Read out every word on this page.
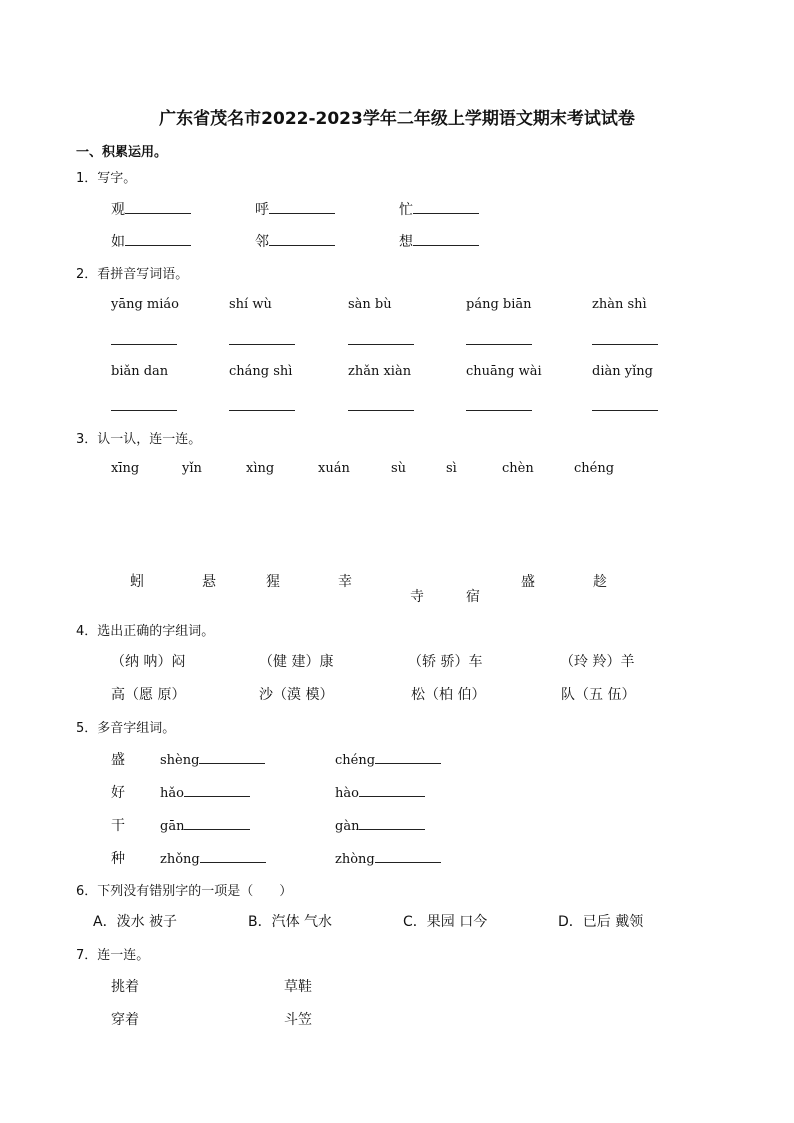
广东省茂名市2022-2023学年二年级上学期语文期末考试试卷
一、积累运用。
1．写字。
观	呼	忙
如	邻	想
2．看拼音写词语。
yāng miáo	shí wù	sàn bù	páng biān	zhàn shì
biǎn dan	cháng shì	zhǎn xiàn	chuāng wài	diàn yǐng
3．认一认，连一连。
xīng	yǐn	xìng	xuán	sù	sì	chèn	chéng
蚓	悬	猩	幸
寺	宿
盛	趁
4．选出正确的字组词。
（纳 呐）闷	（健 建）康	（轿 骄）车	（玲 羚）羊
高（愿 原）	沙（漠 模）	松（柏 伯）	队（五 伍）
5．多音字组词。
盛	shèng	chéng
好	hǎo	hào
干	gān	gàn
种	zhǒng	zhòng
6．下列没有错别字的一项是（　　）
A．泼水 被子	B．汽体 气水	C．果园 口今	D．已后 戴领
7．连一连。
挑着	草鞋
穿着	斗笠
